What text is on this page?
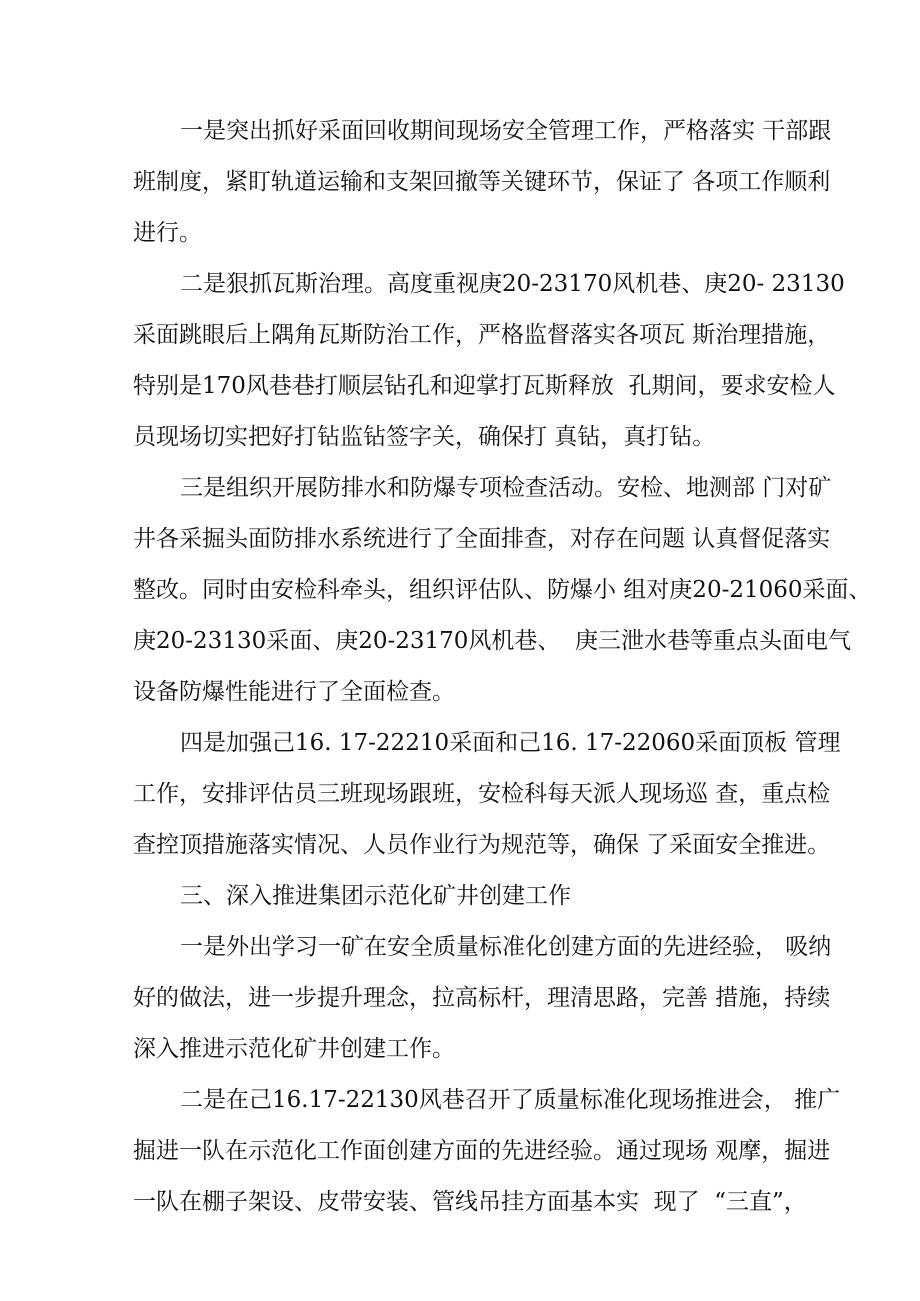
一是突出抓好采面回收期间现场安全管理工作，严格落实 干部跟
班制度，紧盯轨道运输和支架回撤等关键环节，保证了 各项工作顺利
进行。
二是狠抓瓦斯治理。高度重视庚20-23170风机巷、庚20- 23130
采面跳眼后上隅角瓦斯防治工作，严格监督落实各项瓦 斯治理措施，
特别是170风巷巷打顺层钻孔和迎掌打瓦斯释放  孔期间，要求安检人
员现场切实把好打钻监钻签字关，确保打 真钻，真打钻。
三是组织开展防排水和防爆专项检查活动。安检、地测部 门对矿
井各采掘头面防排水系统进行了全面排查，对存在问题 认真督促落实
整改。同时由安检科牵头，组织评估队、防爆小 组对庚20-21060采面、
庚20-23130采面、庚20-23170风机巷、  庚三泄水巷等重点头面电气
设备防爆性能进行了全面检查。
四是加强己16. 17-22210采面和己16. 17-22060采面顶板 管理
工作，安排评估员三班现场跟班，安检科每天派人现场巡 查，重点检
查控顶措施落实情况、人员作业行为规范等，确保 了采面安全推进。
三、深入推进集团示范化矿井创建工作
一是外出学习一矿在安全质量标准化创建方面的先进经验， 吸纳
好的做法，进一步提升理念，拉高标杆，理清思路，完善 措施，持续
深入推进示范化矿井创建工作。
二是在己16.17-22130风巷召开了质量标准化现场推进会， 推广
掘进一队在示范化工作面创建方面的先进经验。通过现场 观摩，掘进
一队在棚子架设、皮带安装、管线吊挂方面基本实  现了  “三直”，
